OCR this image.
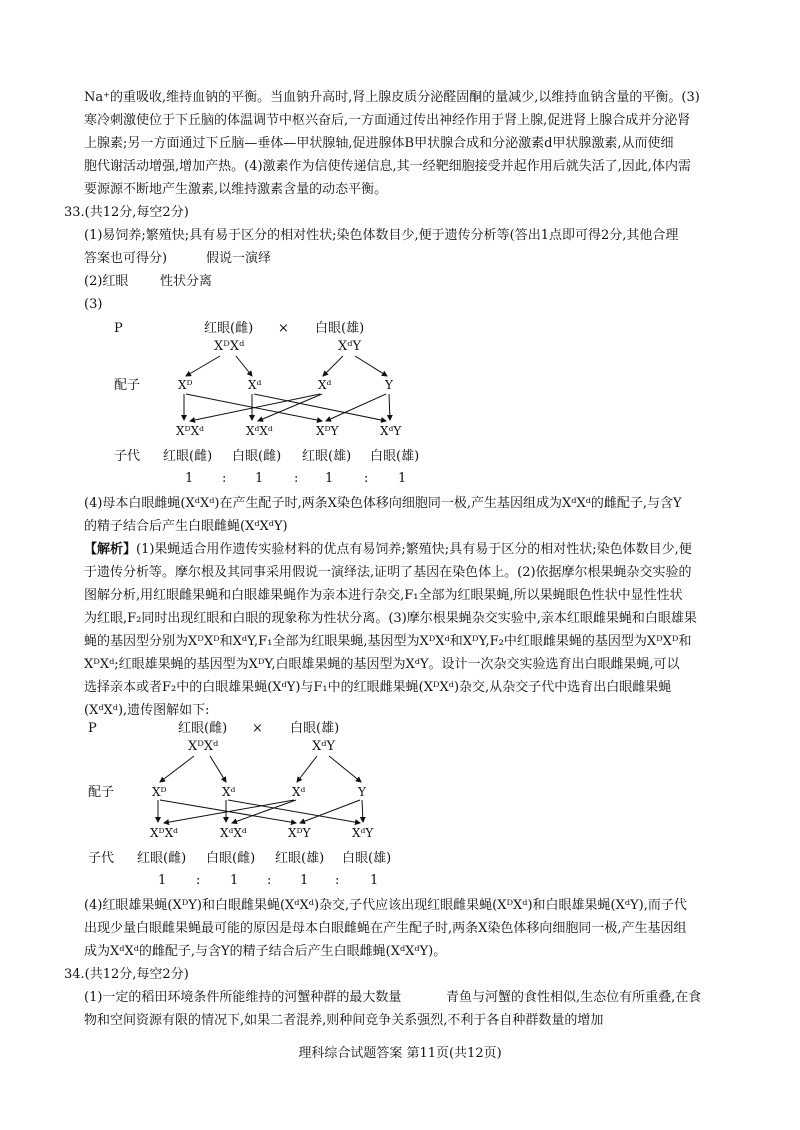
Na⁺的重吸收,维持血钠的平衡。当血钠升高时,肾上腺皮质分泌醛固酮的量减少,以维持血钠含量的平衡。(3)

寒冷刺激使位于下丘脑的体温调节中枢兴奋后,一方面通过传出神经作用于肾上腺,促进肾上腺合成并分泌肾

上腺素;另一方面通过下丘脑—垂体—甲状腺轴,促进腺体B甲状腺合成和分泌激素d甲状腺激素,从而使细

胞代谢活动增强,增加产热。(4)激素作为信使传递信息,其一经靶细胞接受并起作用后就失活了,因此,体内需

要源源不断地产生激素,以维持激素含量的动态平衡。

33.(共12分,每空2分)

(1)易饲养;繁殖快;具有易于区分的相对性状;染色体数目少,便于遗传分析等(答出1点即可得2分,其他合理

答案也可得分)	假说一演绎

(2)红眼 性状分离

(3)

P	红眼(雌) × 白眼(雄)
XᴰXᵈ	XᵈY
配子	Xᴰ	Xᵈ	Xᵈ	Y
XᴰXᵈ	XᵈXᵈ	XᴰY	XᵈY
子代 红眼(雌) 白眼(雌) 红眼(雄) 白眼(雄)
1 : 1 : 1 : 1

(4)母本白眼雌蝇(XᵈXᵈ)在产生配子时,两条X染色体移向细胞同一极,产生基因组成为XᵈXᵈ的雌配子,与含Y

的精子结合后产生白眼雌蝇(XᵈXᵈY)

【解析】(1)果蝇适合用作遗传实验材料的优点有易饲养;繁殖快;具有易于区分的相对性状;染色体数目少,便

于遗传分析等。摩尔根及其同事采用假说一演绎法,证明了基因在染色体上。(2)依据摩尔根果蝇杂交实验的

图解分析,用红眼雌果蝇和白眼雄果蝇作为亲本进行杂交,F₁全部为红眼果蝇,所以果蝇眼色性状中显性性状

为红眼,F₂同时出现红眼和白眼的现象称为性状分离。(3)摩尔根果蝇杂交实验中,亲本红眼雌果蝇和白眼雄果

蝇的基因型分别为XᴰXᴰ和XᵈY,F₁全部为红眼果蝇,基因型为XᴰXᵈ和XᴰY,F₂中红眼雌果蝇的基因型为XᴰXᴰ和

XᴰXᵈ;红眼雄果蝇的基因型为XᴰY,白眼雄果蝇的基因型为XᵈY。设计一次杂交实验选育出白眼雌果蝇,可以

选择亲本或者F₂中的白眼雄果蝇(XᵈY)与F₁中的红眼雌果蝇(XᴰXᵈ)杂交,从杂交子代中选育出白眼雌果蝇

(XᵈXᵈ),遗传图解如下:

P	红眼(雌) × 白眼(雄)
XᴰXᵈ	XᵈY
配子	Xᴰ	Xᵈ	Xᵈ	Y
XᴰXᵈ	XᵈXᵈ	XᴰY	XᵈY
子代 红眼(雌) 白眼(雌) 红眼(雄) 白眼(雄)
1 : 1 : 1 : 1

(4)红眼雄果蝇(XᴰY)和白眼雌果蝇(XᵈXᵈ)杂交,子代应该出现红眼雌果蝇(XᴰXᵈ)和白眼雄果蝇(XᵈY),而子代

出现少量白眼雌果蝇最可能的原因是母本白眼雌蝇在产生配子时,两条X染色体移向细胞同一极,产生基因组

成为XᵈXᵈ的雌配子,与含Y的精子结合后产生白眼雌蝇(XᵈXᵈY)。

34.(共12分,每空2分)

(1)一定的稻田环境条件所能维持的河蟹种群的最大数量	青鱼与河蟹的食性相似,生态位有所重叠,在食

物和空间资源有限的情况下,如果二者混养,则种间竞争关系强烈,不利于各自种群数量的增加

理科综合试题答案 第11页(共12页)
